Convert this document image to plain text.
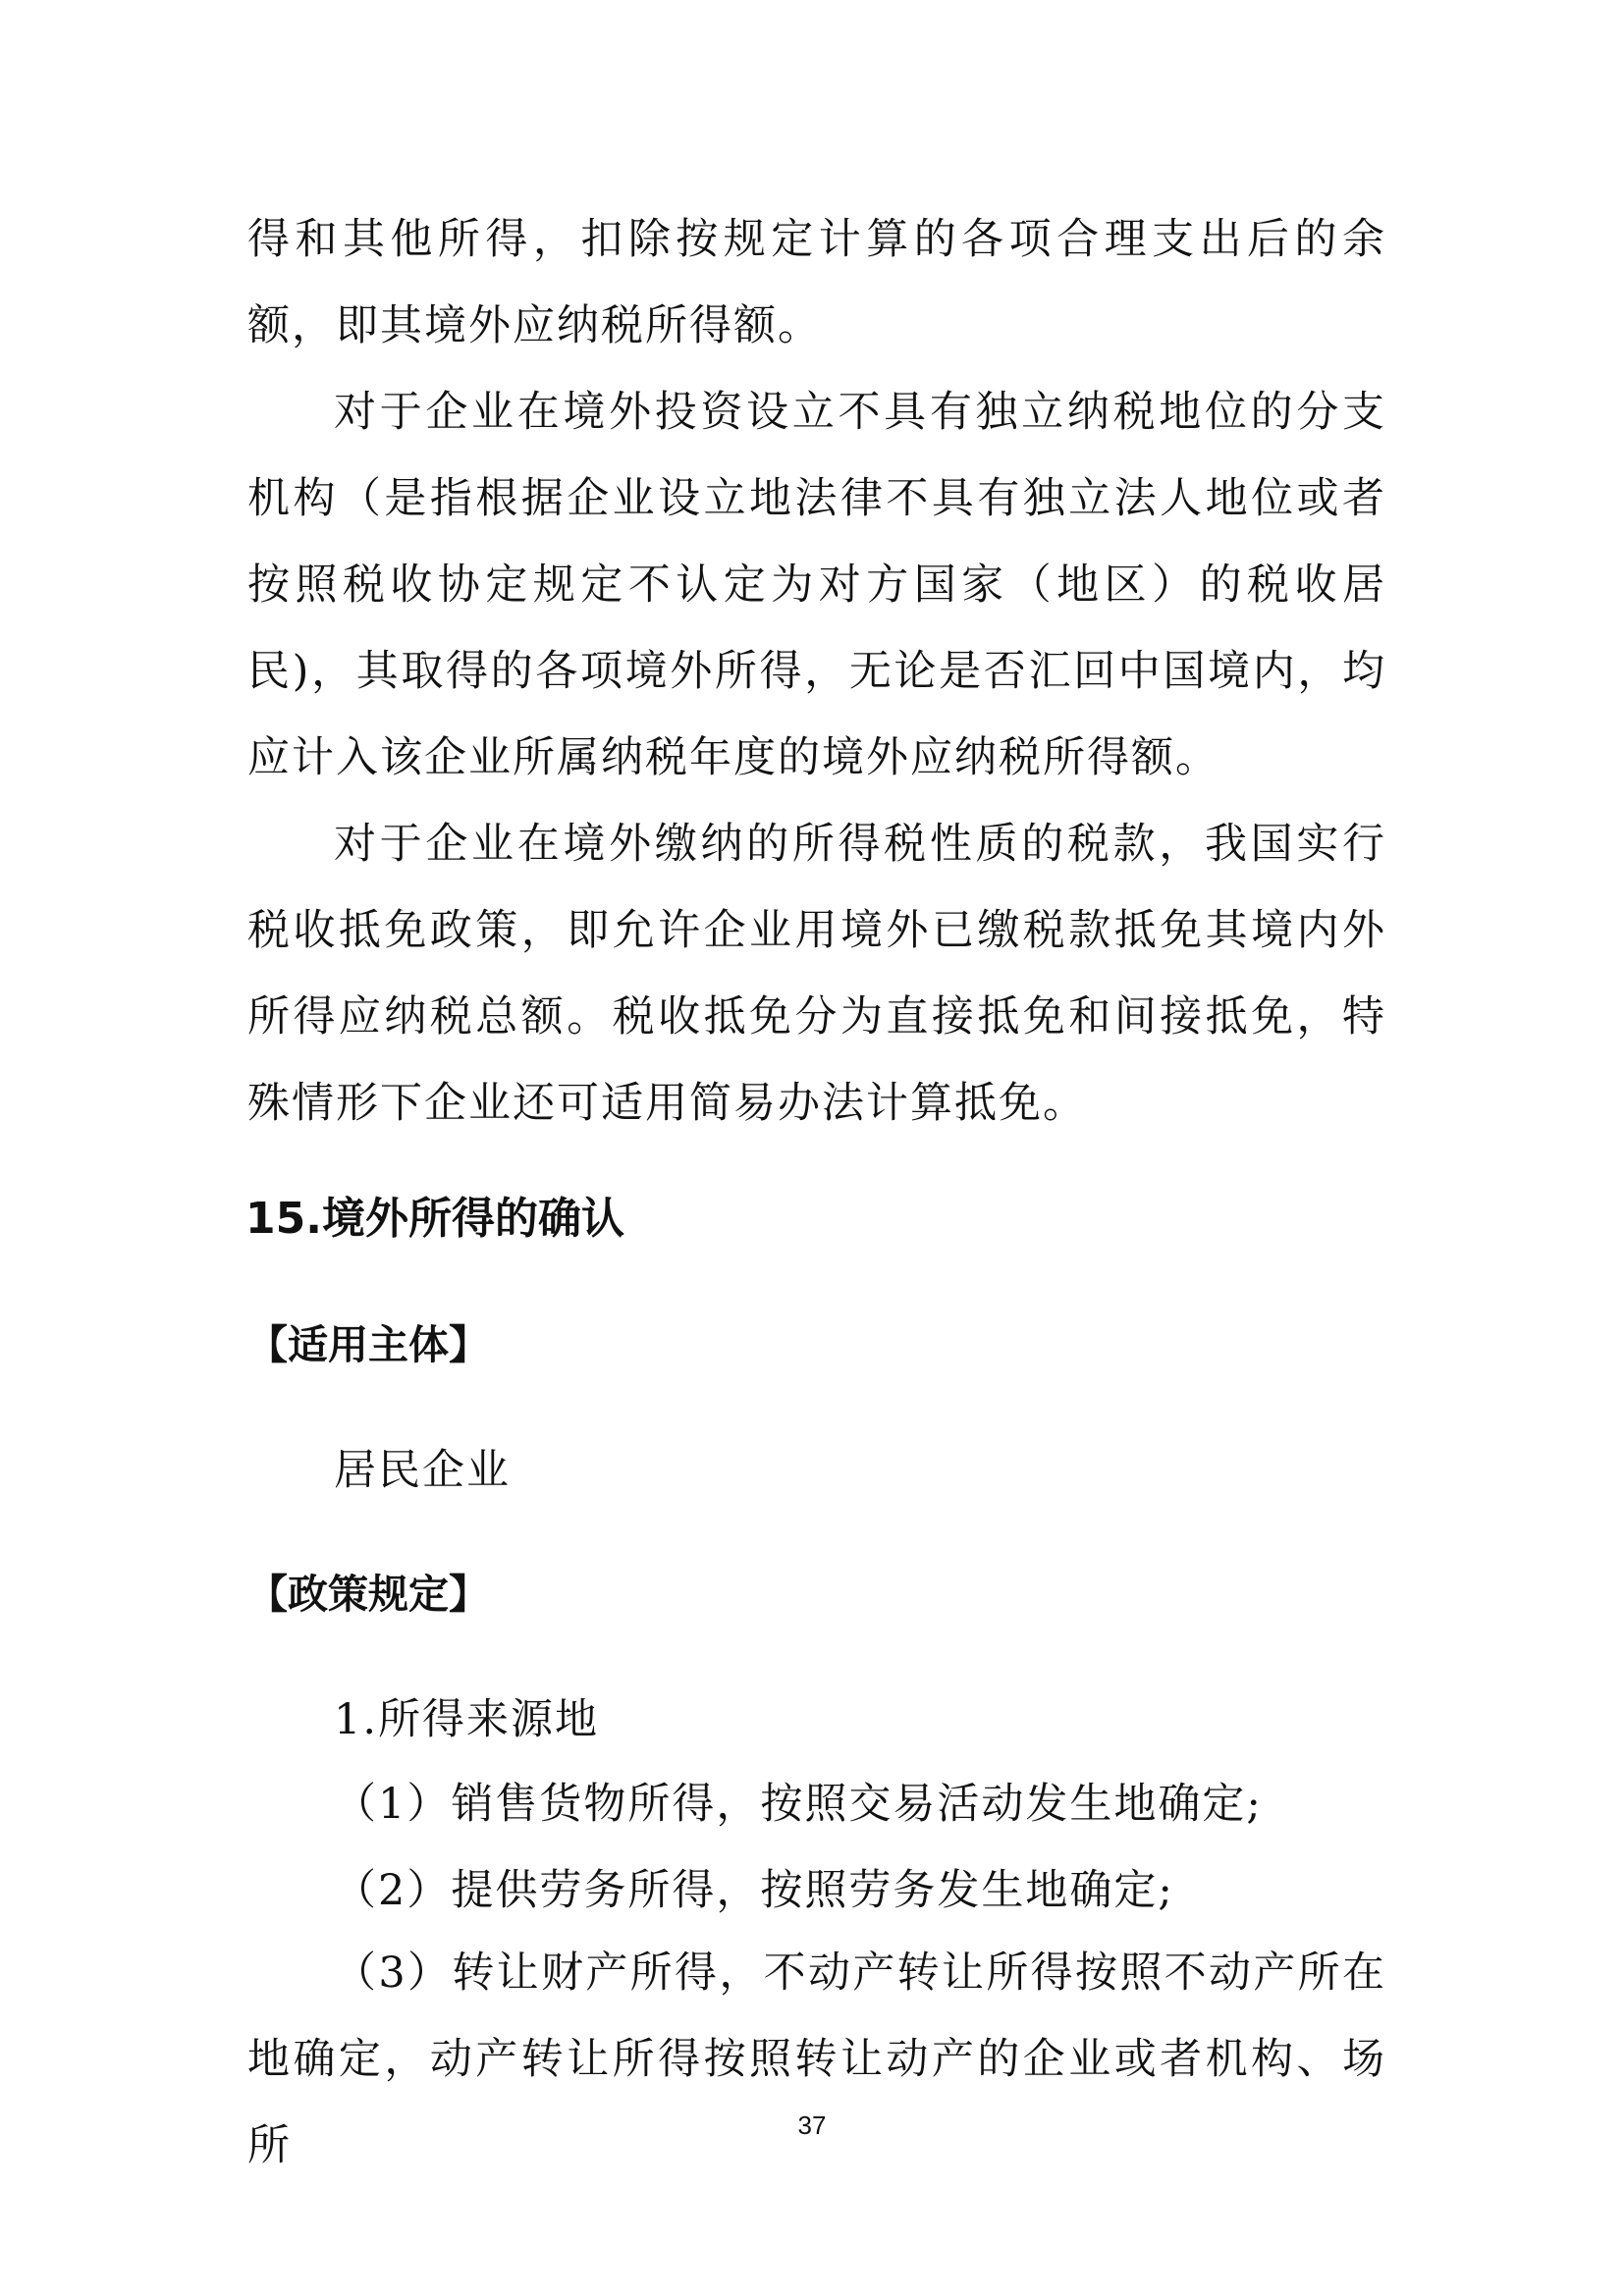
得和其他所得，扣除按规定计算的各项合理支出后的余额，即其境外应纳税所得额。

对于企业在境外投资设立不具有独立纳税地位的分支机构（是指根据企业设立地法律不具有独立法人地位或者按照税收协定规定不认定为对方国家（地区）的税收居民)，其取得的各项境外所得，无论是否汇回中国境内，均应计入该企业所属纳税年度的境外应纳税所得额。

对于企业在境外缴纳的所得税性质的税款，我国实行税收抵免政策，即允许企业用境外已缴税款抵免其境内外所得应纳税总额。税收抵免分为直接抵免和间接抵免，特殊情形下企业还可适用简易办法计算抵免。

15.境外所得的确认

【适用主体】

居民企业

【政策规定】

1.所得来源地

（1）销售货物所得，按照交易活动发生地确定;

（2）提供劳务所得，按照劳务发生地确定;

（3）转让财产所得，不动产转让所得按照不动产所在地确定，动产转让所得按照转让动产的企业或者机构、场所	37
